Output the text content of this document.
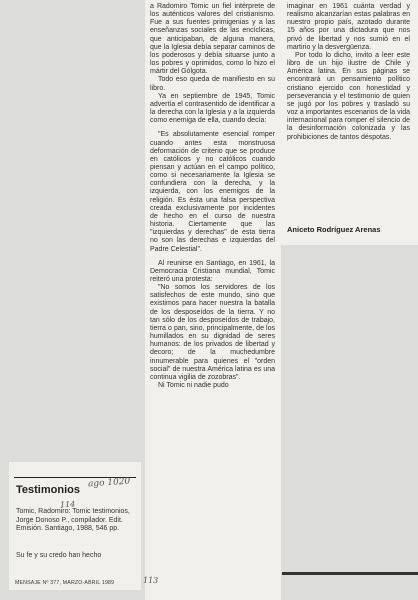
a Radomiro Tomic un fiel intérprete de los auténticos valores del cristianismo. Fue a sus fuentes primigenias y a las enseñanzas sociales de las encíclicas, que anticipaban, de alguna manera, que la Iglesia debía separar caminos de los poderosos y debía situarse junto a los pobres y oprimidos, como lo hizo el mártir del Gólgota.

Todo eso queda de manifiesto en su libro.

Ya en septiembre de 1945, Tomic advertía el contrasentido de identificar a la derecha con la Iglesia y a la izquierda como enemiga de ella, cuando decía:

"Es absolutamente esencial romper cuando antes esta monstruosa deformación de criterio que se produce en católicos y no católicos cuando piensan y actúan en el campo político, como si necesariamente la Iglesia se confundiera con la derecha, y la izquierda, con los enemigos de la religión. Es ésta una falsa perspectiva creada exclusivamente por incidentes de hecho en el curso de nuestra historia. Ciertamente que las "izquierdas y derechas" de esta tierra no son las derechas e izquierdas del Padre Celestial".

Al reunirse en Santiago, en 1961, la Democracia Cristiana mundial, Tomic reiteró una protesta:

"No somos los servidores de los satisfechos de este mundo, sino que existimos para hacer nuestra la batalla de los desposeídos de la tierra. Y no tan sólo de los desposeídos de trabajo, tierra o pan, sino, principalmente, de los humillados en su dignidad de seres humanos: de los privados de libertad y decoro; de la muchedumbre innumerable para quienes el "orden social" de nuestra América latina es una continua vigilia de zozobras".

Ni Tomic ni nadie pudo

imaginar en 1961 cuánta verdad y realismo alcanzarían estas palabras en nuestro propio país, azotado durante 15 años por una dictadura que nos privó de libertad y nos sumió en el martirio y la desvergüenza.

Por todo lo dicho, invito a leer este libro de un hijo ilustre de Chile y América latina. En sus páginas se encontrará un pensamiento político cristiano ejercido con honestidad y perseverancia y el testimonio de quien se jugó por los pobres y trasladó su voz a importantes escenarios de la vida internacional para romper el silencio de la desinformación colonizada y las prohibiciones de tantos déspotas.

Aniceto Rodríguez Arenas
Testimonios
Tomic, Radomiro: Tomic testimonios, Jorge Donoso P., compilador. Edit. Emisión. Santiago, 1988, 546 pp.
Su fe y su credo han hecho
MENSAJE Nº 377, MARZO-ABRIL 1989
ago 1020
114
113
